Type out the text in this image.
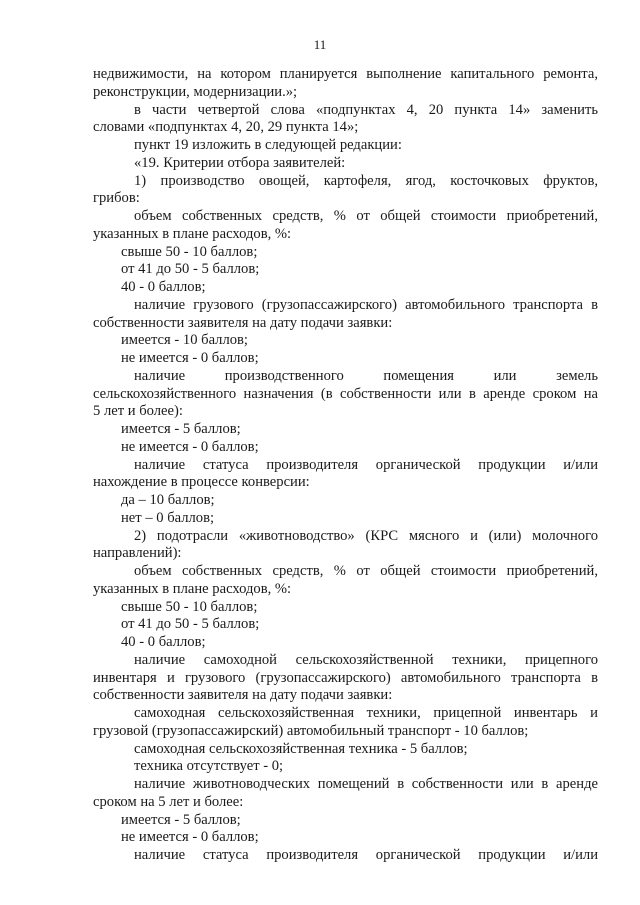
11
недвижимости, на котором планируется выполнение капитального ремонта,
реконструкции, модернизации.»;
в части четвертой слова «подпунктах 4, 20 пункта 14» заменить
словами «подпунктах 4, 20, 29 пункта 14»;
пункт 19 изложить в следующей редакции:
«19. Критерии отбора заявителей:
1) производство овощей, картофеля, ягод, косточковых фруктов,
грибов:
объем собственных средств, % от общей стоимости приобретений,
указанных в плане расходов, %:
свыше 50 - 10 баллов;
от 41 до 50 - 5 баллов;
40 - 0 баллов;
наличие грузового (грузопассажирского) автомобильного транспорта в
собственности заявителя на дату подачи заявки:
имеется - 10 баллов;
не имеется - 0 баллов;
наличие производственного помещения или земель
сельскохозяйственного назначения (в собственности или в аренде сроком на
5 лет и более):
имеется - 5 баллов;
не имеется - 0 баллов;
наличие статуса производителя органической продукции и/или
нахождение в процессе конверсии:
да – 10 баллов;
нет – 0 баллов;
2) подотрасли «животноводство» (КРС мясного и (или) молочного
направлений):
объем собственных средств, % от общей стоимости приобретений,
указанных в плане расходов, %:
свыше 50 - 10 баллов;
от 41 до 50 - 5 баллов;
40 - 0 баллов;
наличие самоходной сельскохозяйственной техники, прицепного
инвентаря и грузового (грузопассажирского) автомобильного транспорта в
собственности заявителя на дату подачи заявки:
самоходная сельскохозяйственная техники, прицепной инвентарь и
грузовой (грузопассажирский) автомобильный транспорт - 10 баллов;
самоходная сельскохозяйственная техника - 5 баллов;
техника отсутствует - 0;
наличие животноводческих помещений в собственности или в аренде
сроком на 5 лет и более:
имеется - 5 баллов;
не имеется - 0 баллов;
наличие статуса производителя органической продукции и/или
